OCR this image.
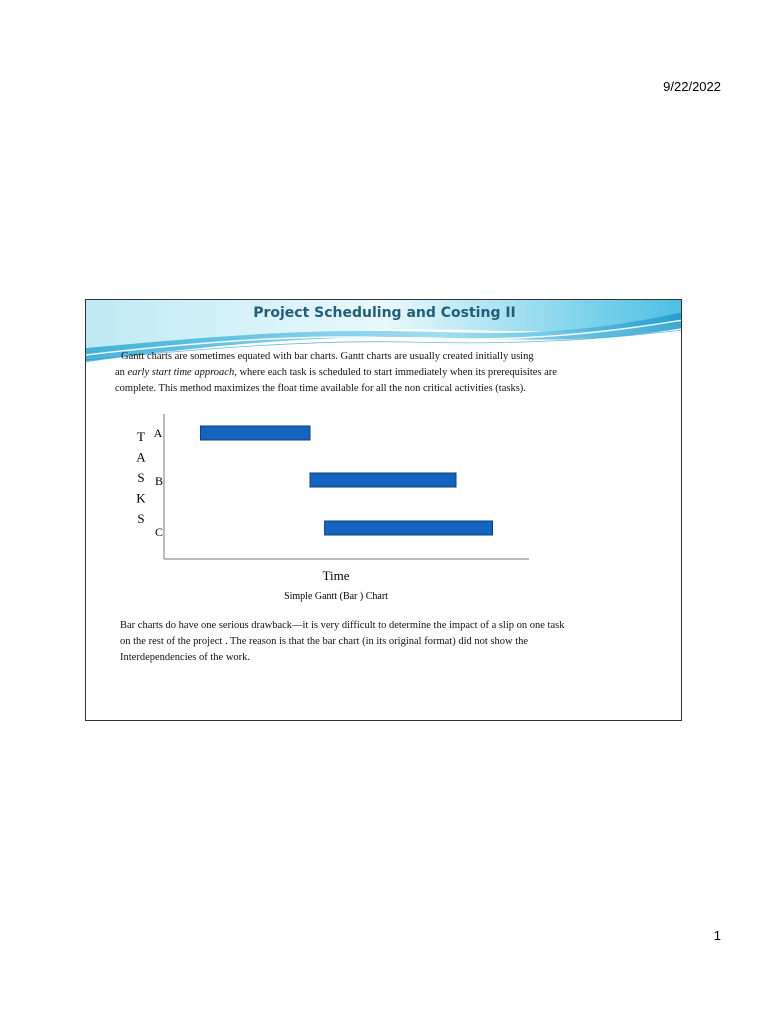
9/22/2022
Project Scheduling and Costing II
Gantt charts are sometimes equated with bar charts. Gantt charts are usually created initially using
an early start time approach, where each task is scheduled to start immediately when its prerequisites are
complete. This method maximizes the float time available for all the non critical activities (tasks).
T
A
S
K
S
A
B
C
Time
Simple Gantt (Bar ) Chart
Bar charts do have one serious drawback—it is very difficult to determine the impact of a slip on one task
on the rest of the project . The reason is that the bar chart (in its original format) did not show the
Interdependencies of the work.
1
